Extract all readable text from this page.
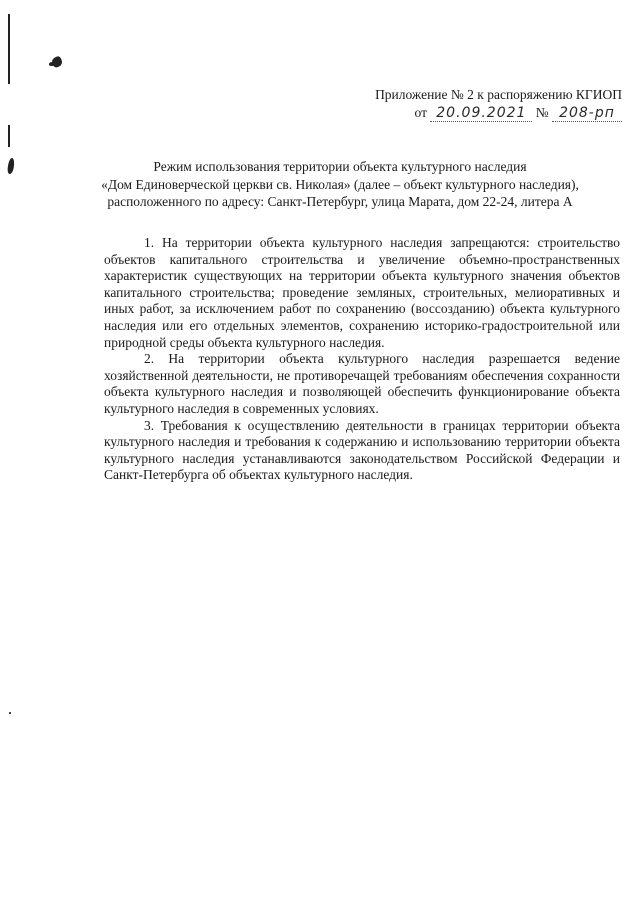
Приложение № 2 к распоряжению КГИОП
от 20.09.2021 № 208-рп
Режим использования территории объекта культурного наследия
«Дом Единоверческой церкви св. Николая» (далее – объект культурного наследия),
расположенного по адресу: Санкт-Петербург, улица Марата, дом 22-24, литера А

1. На территории объекта культурного наследия запрещаются: строительство объектов капитального строительства и увеличение объемно-пространственных характеристик существующих на территории объекта культурного значения объектов капитального строительства; проведение земляных, строительных, мелиоративных и иных работ, за исключением работ по сохранению (воссозданию) объекта культурного наследия или его отдельных элементов, сохранению историко-градостроительной или природной среды объекта культурного наследия.

2. На территории объекта культурного наследия разрешается ведение хозяйственной деятельности, не противоречащей требованиям обеспечения сохранности объекта культурного наследия и позволяющей обеспечить функционирование объекта культурного наследия в современных условиях.

3. Требования к осуществлению деятельности в границах территории объекта культурного наследия и требования к содержанию и использованию территории объекта культурного наследия устанавливаются законодательством Российской Федерации и Санкт-Петербурга об объектах культурного наследия.
